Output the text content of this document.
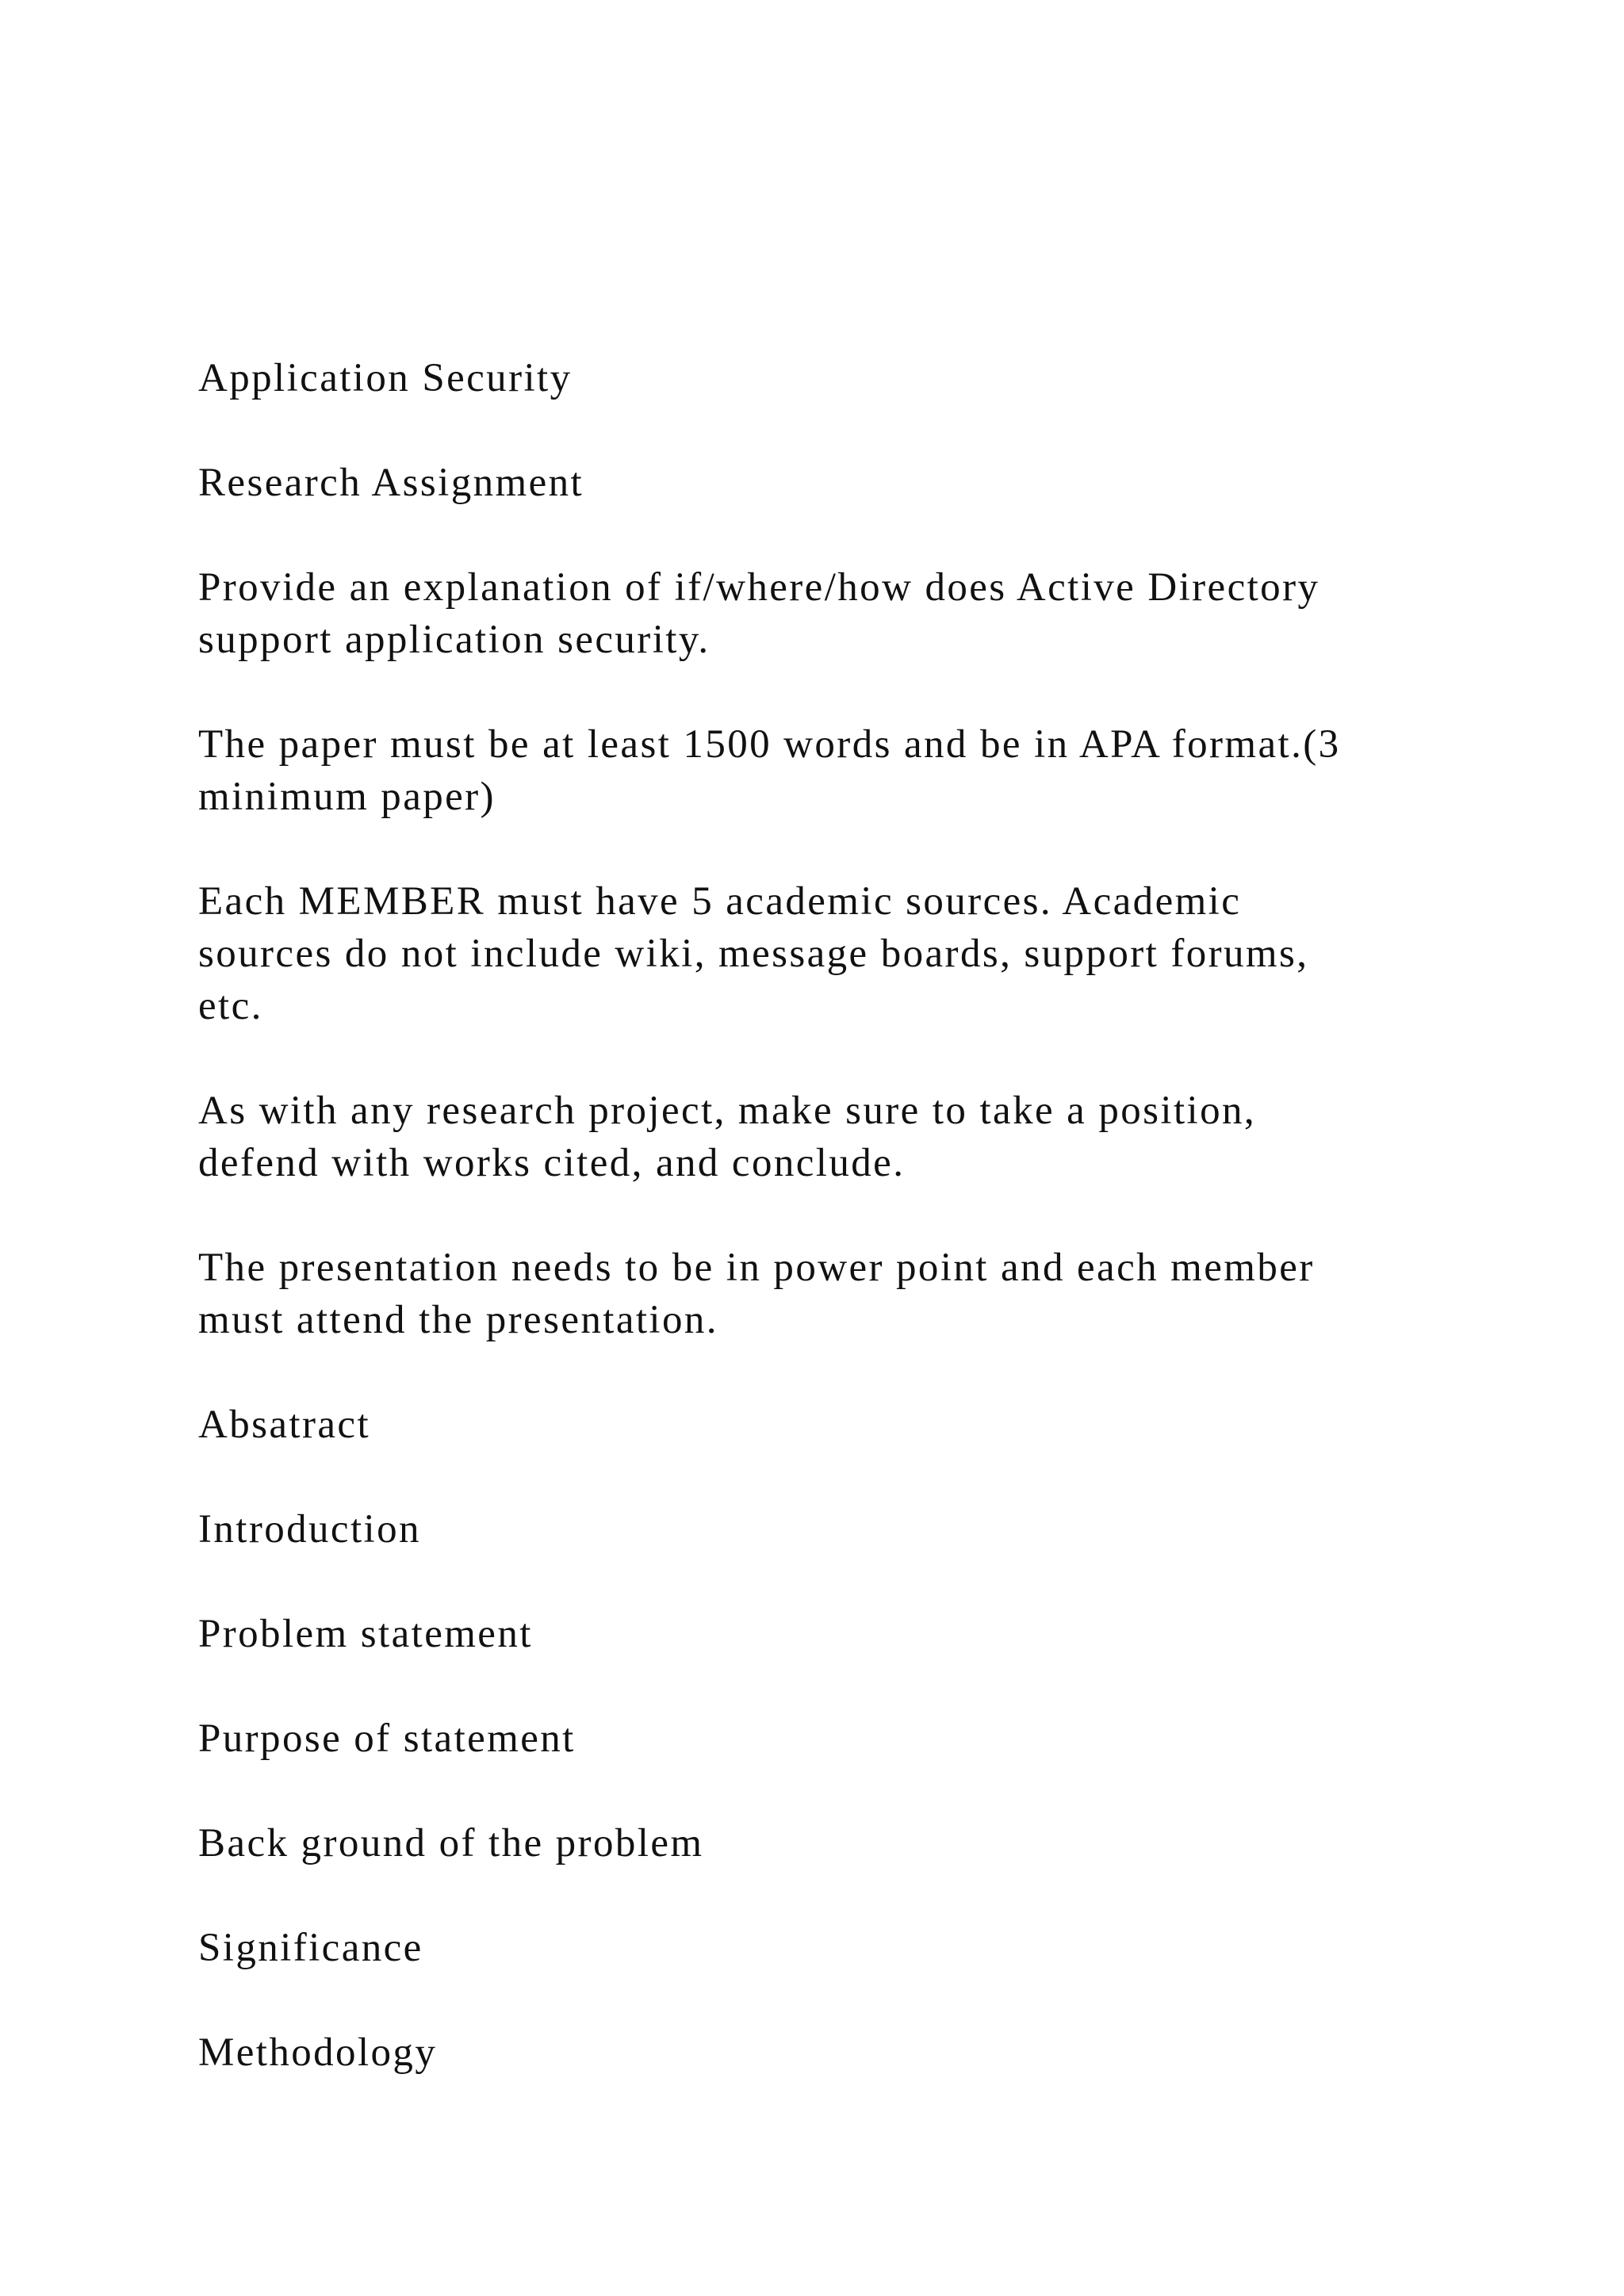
Application Security

Research Assignment

Provide an explanation of if/where/how does Active Directory
support application security.

The paper must be at least 1500 words and be in APA format.(3
minimum paper)

Each MEMBER must have 5 academic sources. Academic
sources do not include wiki, message boards, support forums,
etc.

As with any research project, make sure to take a position,
defend with works cited, and conclude.

The presentation needs to be in power point and each member
must attend the presentation.

Absatract

Introduction

Problem statement

Purpose of statement

Back ground of the problem

Significance

Methodology
